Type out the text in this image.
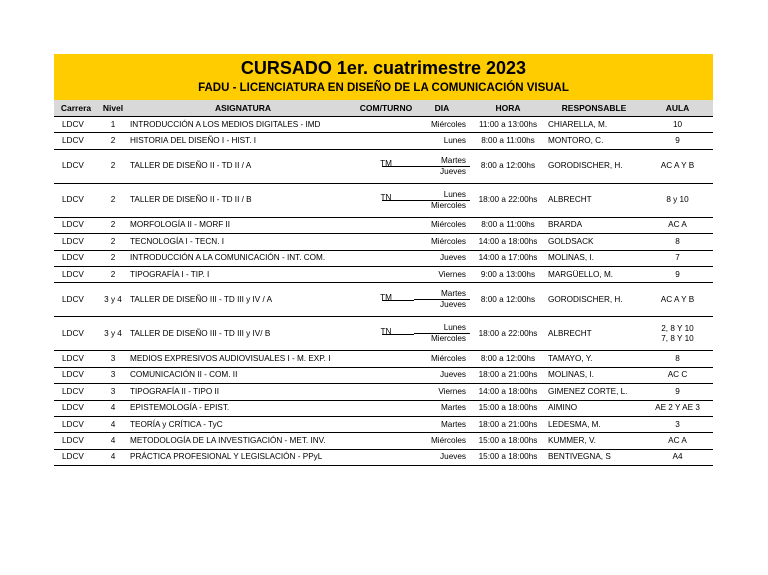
CURSADO 1er. cuatrimestre 2023
FADU - LICENCIATURA EN DISEÑO DE LA COMUNICACIÓN VISUAL
Carrera	Nivel	ASIGNATURA	COM/TURNO	DIA	HORA	RESPONSABLE	AULA
LDCV	1	INTRODUCCIÓN A LOS MEDIOS DIGITALES - IMD		Miércoles	11:00 a 13:00hs	CHIARELLA, M.	10
LDCV	2	HISTORIA DEL DISEÑO I - HIST. I		Lunes	8:00 a 11:00hs	MONTORO, C.	9
LDCV	2	TALLER DE DISEÑO II - TD II / A	TM	Martes
Jueves	8:00 a 12:00hs	GORODISCHER, H.	AC A Y B
LDCV	2	TALLER DE DISEÑO II - TD II / B	TN	Lunes
Miercoles	18:00 a 22:00hs	ALBRECHT	8 y 10
LDCV	2	MORFOLOGÍA II - MORF II		Miércoles	8:00 a 11:00hs	BRARDA	AC A
LDCV	2	TECNOLOGÍA I - TECN. I		Miércoles	14:00 a 18:00hs	GOLDSACK	8
LDCV	2	INTRODUCCIÓN A LA COMUNICACIÓN - INT. COM.		Jueves	14:00 a 17:00hs	MOLINAS, I.	7
LDCV	2	TIPOGRAFÍA I - TIP. I		Viernes	9:00 a 13:00hs	MARGÜELLO, M.	9
LDCV	3 y 4	TALLER DE DISEÑO III - TD III y IV / A	TM	Martes
Jueves	8:00 a 12:00hs	GORODISCHER, H.	AC A Y B
LDCV	3 y 4	TALLER DE DISEÑO III - TD III y IV/ B	TN	Lunes
Miercoles	18:00 a 22:00hs	ALBRECHT	2, 8 Y 10
7, 8 Y 10

LDCV	3	MEDIOS EXPRESIVOS AUDIOVISUALES I - M. EXP. I		Miércoles	8:00 a 12:00hs	TAMAYO, Y.	8
LDCV	3	COMUNICACIÓN II - COM. II		Jueves	18:00 a 21:00hs	MOLINAS, I.	AC C
LDCV	3	TIPOGRAFÍA II - TIPO II		Viernes	14:00 a 18:00hs	GIMENEZ CORTE, L.	9
LDCV	4	EPISTEMOLOGÍA - EPIST.		Martes	15:00 a 18:00hs	AIMINO	AE 2 Y AE 3
LDCV	4	TEORÍA y CRÍTICA - TyC		Martes	18:00 a 21:00hs	LEDESMA, M.	3
LDCV	4	METODOLOGÍA DE LA INVESTIGACIÓN - MET. INV.		Miércoles	15:00 a 18:00hs	KUMMER, V.	AC A
LDCV	4	PRÁCTICA PROFESIONAL Y LEGISLACIÓN - PPyL		Jueves	15:00 a 18:00hs	BENTIVEGNA, S	A4
